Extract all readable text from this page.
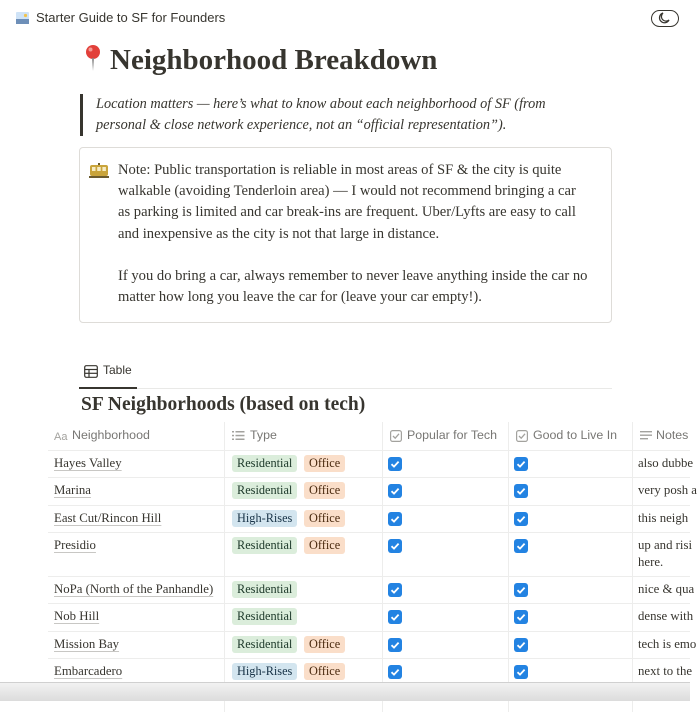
Starter Guide to SF for Founders
Neighborhood Breakdown

Location matters — here’s what to know about each neighborhood of SF (from personal & close network experience, not an “official representation”).

Note: Public transportation is reliable in most areas of SF & the city is quite walkable (avoiding Tenderloin area) — I would not recommend bringing a car as parking is limited and car break-ins are frequent. Uber/Lyfts are easy to call and inexpensive as the city is not that large in distance.

If you do bring a car, always remember to never leave anything inside the car no matter how long you leave the car for (leave your car empty!).

Table
SF Neighborhoods (based on tech)
Aa Neighborhood	Type	Popular for Tech	Good to Live In	Notes
Hayes Valley	Residential	Office	also dubbe
Marina	Residential	Office	very posh a
East Cut/Rincon Hill	High-Rises	Office	this neigh
Presidio	Residential	Office	up and risi
here.
NoPa (North of the Panhandle)	Residential	nice & qua
Nob Hill	Residential	dense with
Mission Bay	Residential	Office	tech is emo
Embarcadero	High-Rises	Office	next to the
